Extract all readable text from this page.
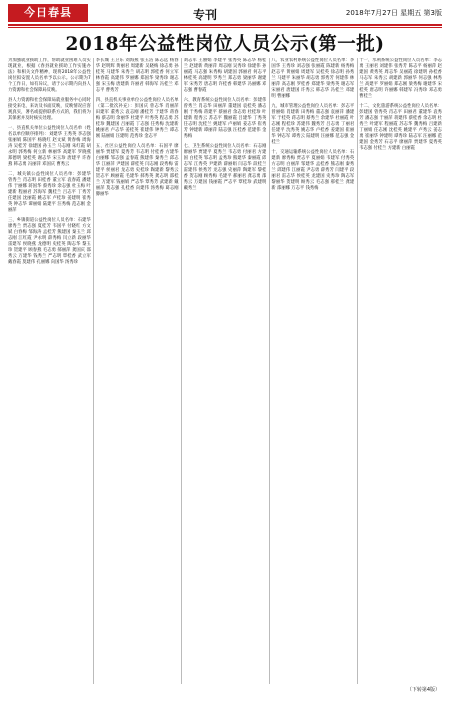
今日春县	专刊	2018年7月27日 星期五 第3版
2018年公益性岗位人员公示(第一批)

为加强就业援助工作，帮助就业困难人员实现就业，根据《春县就业援助工作实施办法》和相关文件精神，现将2018年公益性岗位拟安置人员名单予以公示。公示期为7个工作日，如有异议，请于公示期内向县人力资源和社会保障局反映。

县人力资源和社会保障局就业服务中心同时接受来电、来访及书面反映，反映情况应客观真实，署名或提供联系方式的，我们将为其保密并及时核实处理。

一、县直机关单位公益性岗位人员名单（姓名以单位顺序排列）：刘建华 王秀英 李志强 张丽娟 陈国平 杨晓红 赵文斌 黄春梅 周海涛 吴桂芳 徐建国 孙玉兰 马志刚 朱红霞 胡永明 郭秀梅 何立新 林丽华 高建军 罗晓燕 郑德明 梁桂英 谢志华 宋玉珍 唐建平 许春燕 韩志勇 冯丽萍 邓国庆 曹秀云

二、城关镇公益性岗位人员名单：彭建华 曾秀兰 肖志明 田桂香 董立军 袁春霞 潘建伟 于丽娜 蒋国华 蔡秀珍 余志强 杜玉梅 叶建新 程丽君 苏海军 魏桂兰 吕志平 丁秀芳 任建国 沈丽霞 姚志军 卢桂珍 姜建明 崔秀英 钟志华 谭丽娟 陆建平 汪秀梅 范志刚 金丽萍

三、乡镇街道公益性岗位人员名单：石建华 廖秀兰 贾志强 夏桂芳 韦国平 付晓红 方文斌 白春梅 邹海涛 孟桂芳 熊建国 秦玉兰 邱志刚 江红霞 尹永明 薛秀梅 闫立新 段丽华 雷建军 侯晓燕 龙德明 史桂英 陶志华 黎玉珍 贺建平 顾春燕 毛志勇 郝丽萍 龚国庆 邵秀云 万建华 钱秀兰 严志明 覃桂香 武立军 戴春霞 莫建伟 孔丽娜 向国华 汤秀珍

李长城 王卫东 刘海燕 张玉洁 陈志远 杨春华 赵明辉 黄丽君 周建新 吴晓梅 徐志勇 孙桂英 马建华 朱秀兰 胡志明 郭桂香 何立军 林春霞 高建伟 罗丽娜 郑国华 梁秀珍 谢志强 宋玉梅 唐建新 许丽君 韩海军 冯桂兰 邓志平 曹秀芳

四、县直机关事业单位公益性岗位人员名单（第二批次补充）：彭国庆 曾志华 肖丽萍 田建军 董秀云 袁志刚 潘桂芳 于建华 蒋春梅 蔡志明 余丽华 杜建平 叶秀英 程志勇 苏桂珍 魏建国 吕丽霞 丁志强 任秀梅 沈建新 姚丽君 卢志华 姜桂英 崔建伟 钟秀兰 谭志刚 陆丽娟 汪建明 范秀珍 金志平

五、社区公益性岗位人员名单：石国平 廖丽华 贾建军 夏秀芳 韦志明 付桂香 方建华 白丽娜 邹志强 孟春霞 熊建伟 秦秀兰 邱志华 江丽萍 尹建国 薛桂英 闫志刚 段秀梅 雷建平 侯丽君 龙志勇 史桂珍 陶建新 黎秀云 贺志平 顾丽霞 毛建华 郝秀英 龚志明 邵桂兰 万建军 钱丽娟 严志华 覃秀芳 武建新 戴丽萍 莫志强 孔桂香 向建伟 汤秀梅 葛志刚 滕丽华

刘志军 王丽娟 李建平 张秀英 陈志华 杨桂兰 赵建新 黄丽萍 周志刚 吴秀珍 徐建伟 孙丽霞 马志强 朱秀梅 胡建国 郭丽君 何志平 林桂英 高建明 罗秀兰 郑志勇 梁丽华 谢建军 宋秀芳 唐志明 许桂香 韩建华 冯丽娜 邓志强 曹春霞

六、教育系统公益性岗位人员名单：彭建伟 曾秀兰 肖志华 田丽萍 董建国 袁桂英 潘志刚 于秀梅 蒋建平 蔡丽君 余志勇 杜桂珍 叶建新 程秀云 苏志平 魏丽霞 吕建华 丁秀英 任志明 沈桂兰 姚建军 卢丽娟 姜志华 崔秀芳 钟建新 谭丽萍 陆志强 汪桂香 范建伟 金秀梅

七、卫生系统公益性岗位人员名单：石志刚 廖丽华 贾建平 夏秀兰 韦志勇 付丽君 方建国 白桂英 邹志明 孟秀珍 熊建华 秦丽霞 邱志军 江秀英 尹建新 薛丽娟 闫志华 段桂兰 雷建伟 侯秀芳 龙志强 史丽萍 陶建军 黎桂香 贺志刚 顾秀梅 毛建平 郝丽君 龚志勇 邵秀云 万建国 钱丽霞 严志平 覃桂珍 武建明 戴秀兰

八、农业农村系统公益性岗位人员名单：李国华 王秀珍 刘志强 张丽霞 陈建新 杨秀梅 赵志平 黄丽娟 周建军 吴桂英 徐志明 孙秀兰 马建平 朱丽华 胡志勇 郭秀芳 何建伟 林丽萍 高志刚 罗桂香 郑建华 梁秀英 谢志军 宋丽君 唐建国 许秀云 韩志华 冯桂兰 邓建明 曹丽娜

九、城市管理公益性岗位人员名单：彭志平 曾丽娟 肖建新 田秀梅 董志强 袁丽萍 潘建军 于桂英 蒋志明 蔡秀兰 余建华 杜丽霞 叶志刚 程桂珍 苏建伟 魏秀芳 吕志勇 丁丽君 任建平 沈秀英 姚志华 卢桂香 姜建国 崔丽华 钟志军 谭秀云 陆建明 汪丽娜 范志强 金桂兰

十、交通运输系统公益性岗位人员名单：石建新 廖秀梅 贾志平 夏丽娟 韦建军 付秀英 方志明 白丽萍 邹建华 孟桂香 熊志刚 秦秀兰 邱建伟 江丽霞 尹志勇 薛秀芳 闫建平 段丽君 雷志华 侯桂英 龙建国 史秀珍 陶志军 黎丽华 贺建明 顾秀云 毛志强 郝桂兰 龚建新 邵丽娜 万志平 钱秀梅

十一、水利系统公益性岗位人员名单：李志勇 王丽君 刘建伟 张秀芳 陈志平 杨丽萍 赵建国 黄秀英 周志华 吴丽霞 徐建明 孙桂香 马志军 朱秀云 胡建新 郭丽华 何志强 林秀兰 高建平 罗丽娟 郑志刚 梁秀梅 谢建华 宋桂英 唐志明 许丽娜 韩建军 冯秀珍 邓志勇 曹桂兰

十二、文化旅游系统公益性岗位人员名单：彭建国 曾秀英 肖志平 田丽君 董建华 袁秀芳 潘志强 于丽萍 蒋建伟 蔡桂香 余志明 杜秀兰 叶建军 程丽霞 苏志华 魏秀梅 吕建新 丁丽娟 任志刚 沈桂英 姚建平 卢秀云 姜志勇 崔丽华 钟建明 谭秀珍 陆志军 汪丽娜 范建国 金秀芳 石志平 廖丽萍 贾建华 夏秀英 韦志强 付桂兰 方建新 白丽霞

（下转第4版）
